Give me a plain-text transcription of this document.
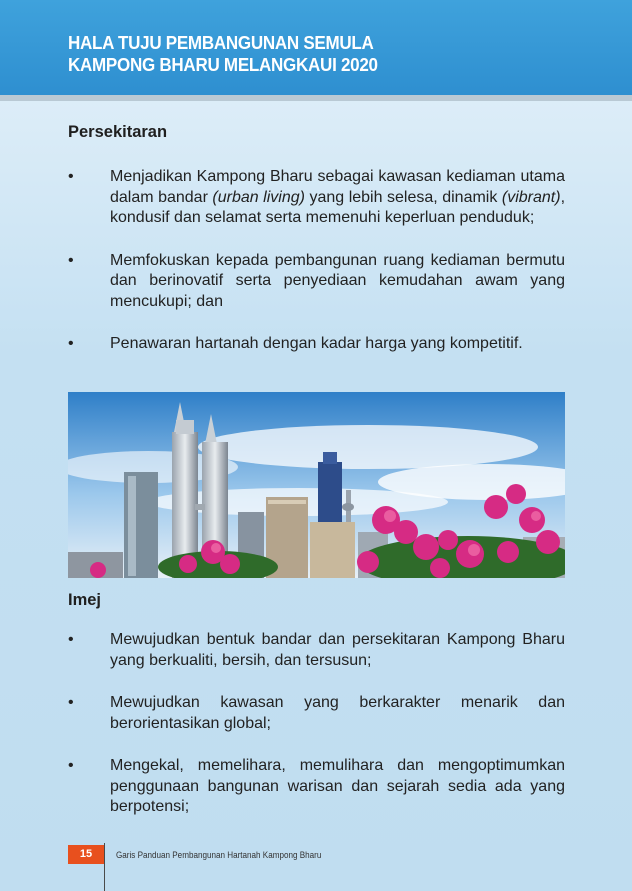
HALA TUJU PEMBANGUNAN SEMULA
KAMPONG BHARU MELANGKAUI 2020
Persekitaran
• Menjadikan Kampong Bharu sebagai kawasan kediaman utama dalam bandar (urban living) yang lebih selesa, dinamik (vibrant), kondusif dan selamat serta memenuhi keperluan penduduk;
• Memfokuskan kepada pembangunan ruang kediaman bermutu dan berinovatif serta penyediaan kemudahan awam yang mencukupi; dan
• Penawaran hartanah dengan kadar harga yang kompetitif.
Imej
• Mewujudkan bentuk bandar dan persekitaran Kampong Bharu yang berkualiti, bersih, dan tersusun;
• Mewujudkan kawasan yang berkarakter menarik dan berorientasikan global;
• Mengekal, memelihara, memulihara dan mengoptimumkan penggunaan bangunan warisan dan sejarah sedia ada yang berpotensi;
15	Garis Panduan Pembangunan Hartanah Kampong Bharu
